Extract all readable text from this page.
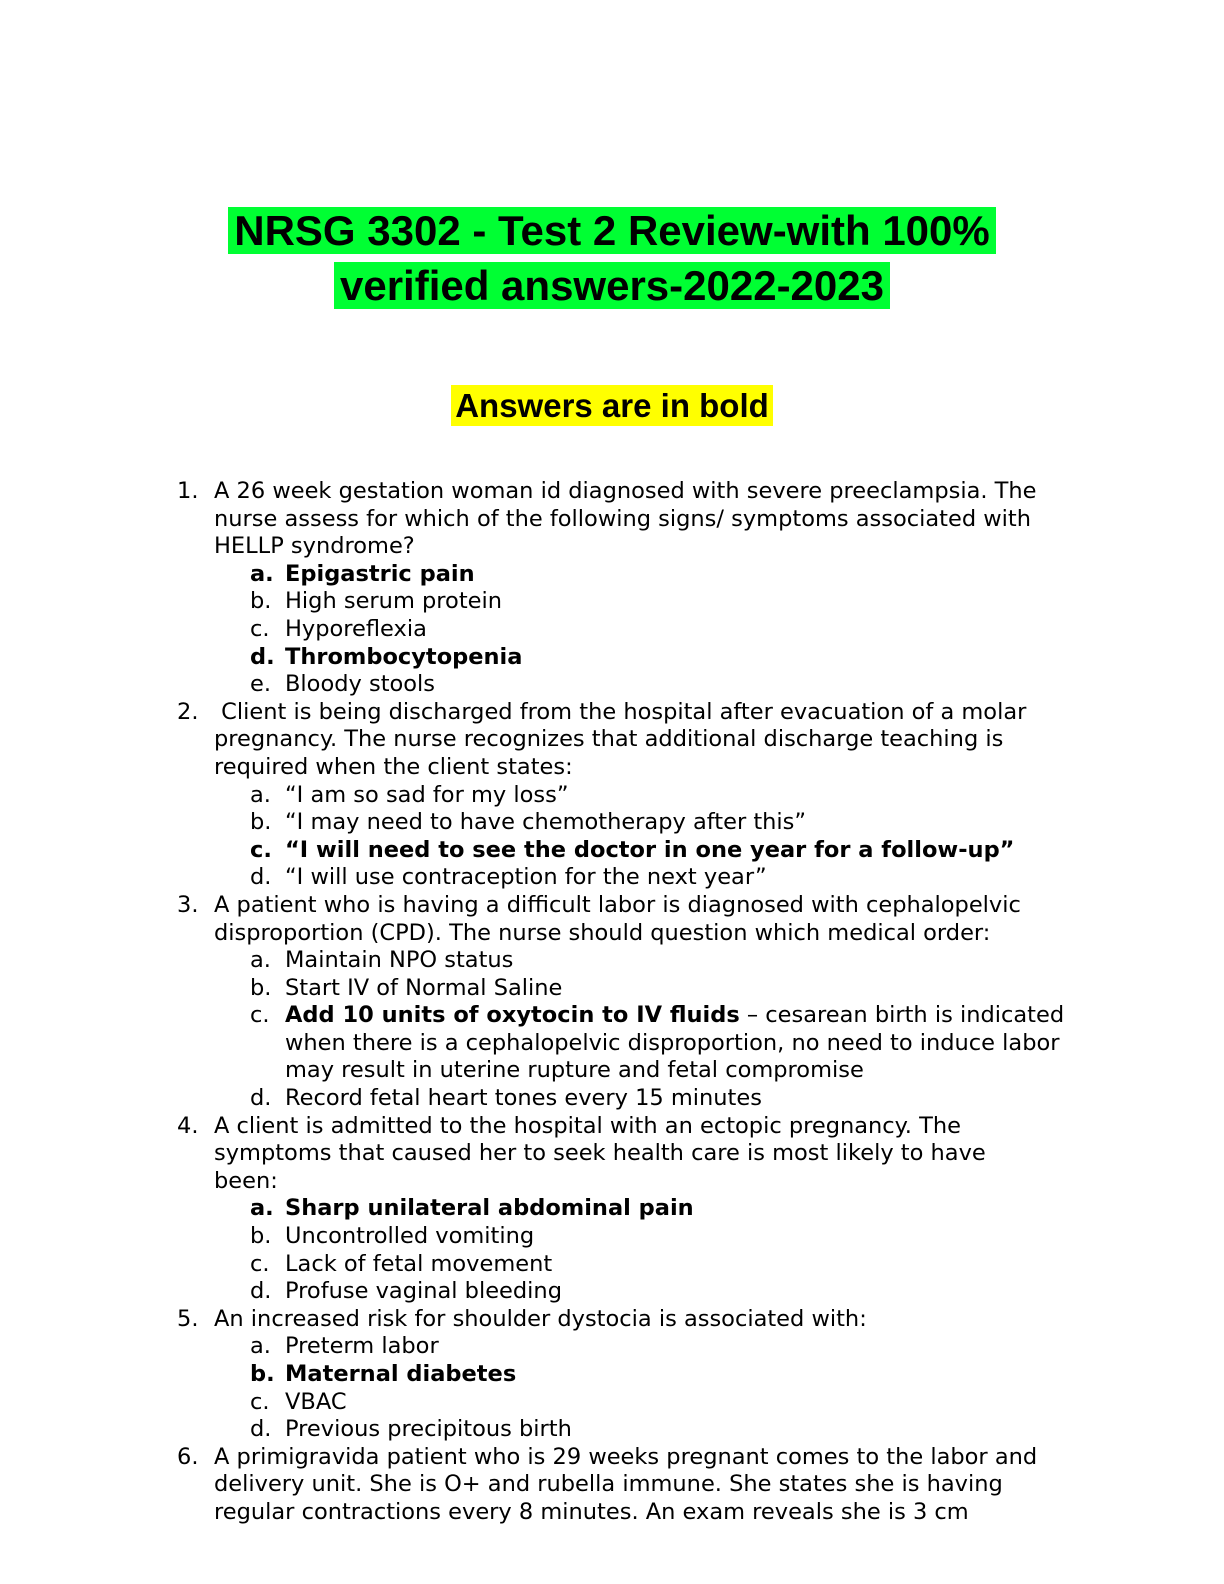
NRSG 3302 - Test 2 Review-with 100%
verified answers-2022-2023
Answers are in bold
1. A 26 week gestation woman id diagnosed with severe preeclampsia. The
nurse assess for which of the following signs/ symptoms associated with
HELLP syndrome?
a. Epigastric pain
b. High serum protein
c. Hyporeflexia
d. Thrombocytopenia
e. Bloody stools
2. Client is being discharged from the hospital after evacuation of a molar
pregnancy. The nurse recognizes that additional discharge teaching is
required when the client states:
a. “I am so sad for my loss”
b. “I may need to have chemotherapy after this”
c. “I will need to see the doctor in one year for a follow-up”
d. “I will use contraception for the next year”
3. A patient who is having a difficult labor is diagnosed with cephalopelvic
disproportion (CPD). The nurse should question which medical order:
a. Maintain NPO status
b. Start IV of Normal Saline
c. Add 10 units of oxytocin to IV fluids – cesarean birth is indicated when there is a cephalopelvic disproportion, no need to induce labor may result in uterine rupture and fetal compromise
d. Record fetal heart tones every 15 minutes
4. A client is admitted to the hospital with an ectopic pregnancy. The
symptoms that caused her to seek health care is most likely to have
been:
a. Sharp unilateral abdominal pain
b. Uncontrolled vomiting
c. Lack of fetal movement
d. Profuse vaginal bleeding
5. An increased risk for shoulder dystocia is associated with:
a. Preterm labor
b. Maternal diabetes
c. VBAC
d. Previous precipitous birth
6. A primigravida patient who is 29 weeks pregnant comes to the labor and
delivery unit. She is O+ and rubella immune. She states she is having
regular contractions every 8 minutes. An exam reveals she is 3 cm
